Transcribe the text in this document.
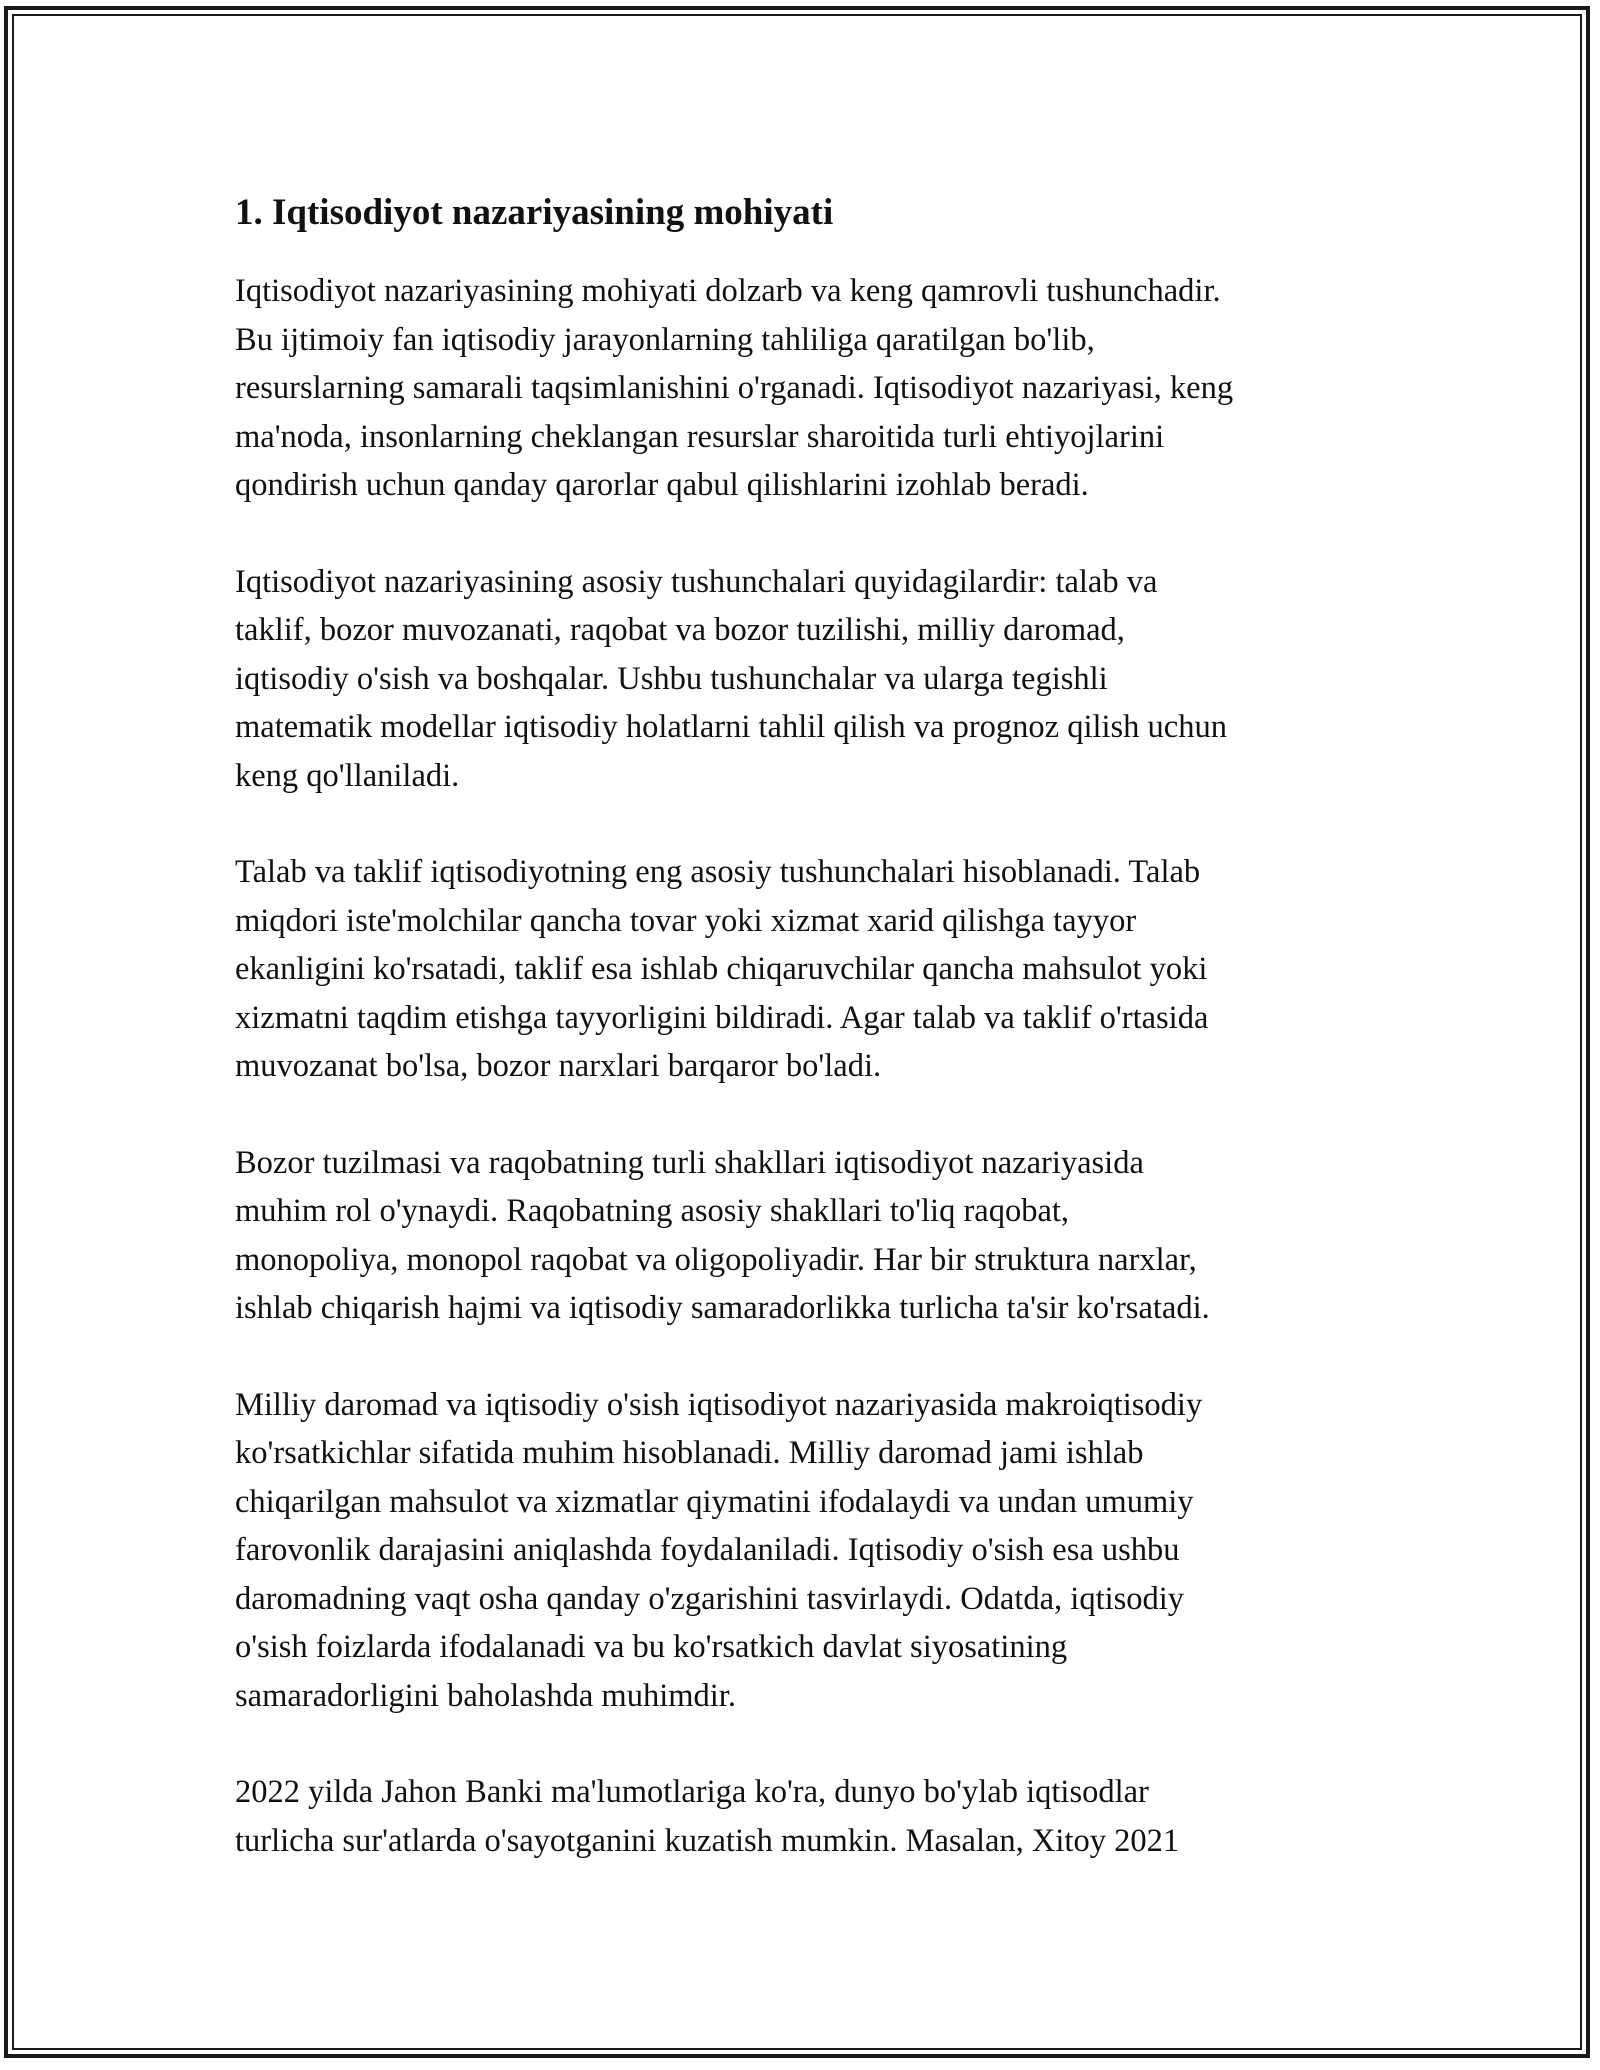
1. Iqtisodiyot nazariyasining mohiyati

Iqtisodiyot nazariyasining mohiyati dolzarb va keng qamrovli tushunchadir.
Bu ijtimoiy fan iqtisodiy jarayonlarning tahliliga qaratilgan bo'lib,
resurslarning samarali taqsimlanishini o'rganadi. Iqtisodiyot nazariyasi, keng
ma'noda, insonlarning cheklangan resurslar sharoitida turli ehtiyojlarini
qondirish uchun qanday qarorlar qabul qilishlarini izohlab beradi.

Iqtisodiyot nazariyasining asosiy tushunchalari quyidagilardir: talab va
taklif, bozor muvozanati, raqobat va bozor tuzilishi, milliy daromad,
iqtisodiy o'sish va boshqalar. Ushbu tushunchalar va ularga tegishli
matematik modellar iqtisodiy holatlarni tahlil qilish va prognoz qilish uchun
keng qo'llaniladi.

Talab va taklif iqtisodiyotning eng asosiy tushunchalari hisoblanadi. Talab
miqdori iste'molchilar qancha tovar yoki xizmat xarid qilishga tayyor
ekanligini ko'rsatadi, taklif esa ishlab chiqaruvchilar qancha mahsulot yoki
xizmatni taqdim etishga tayyorligini bildiradi. Agar talab va taklif o'rtasida
muvozanat bo'lsa, bozor narxlari barqaror bo'ladi.

Bozor tuzilmasi va raqobatning turli shakllari iqtisodiyot nazariyasida
muhim rol o'ynaydi. Raqobatning asosiy shakllari to'liq raqobat,
monopoliya, monopol raqobat va oligopoliyadir. Har bir struktura narxlar,
ishlab chiqarish hajmi va iqtisodiy samaradorlikka turlicha ta'sir ko'rsatadi.

Milliy daromad va iqtisodiy o'sish iqtisodiyot nazariyasida makroiqtisodiy
ko'rsatkichlar sifatida muhim hisoblanadi. Milliy daromad jami ishlab
chiqarilgan mahsulot va xizmatlar qiymatini ifodalaydi va undan umumiy
farovonlik darajasini aniqlashda foydalaniladi. Iqtisodiy o'sish esa ushbu
daromadning vaqt osha qanday o'zgarishini tasvirlaydi. Odatda, iqtisodiy
o'sish foizlarda ifodalanadi va bu ko'rsatkich davlat siyosatining
samaradorligini baholashda muhimdir.

2022 yilda Jahon Banki ma'lumotlariga ko'ra, dunyo bo'ylab iqtisodlar
turlicha sur'atlarda o'sayotganini kuzatish mumkin. Masalan, Xitoy 2021
